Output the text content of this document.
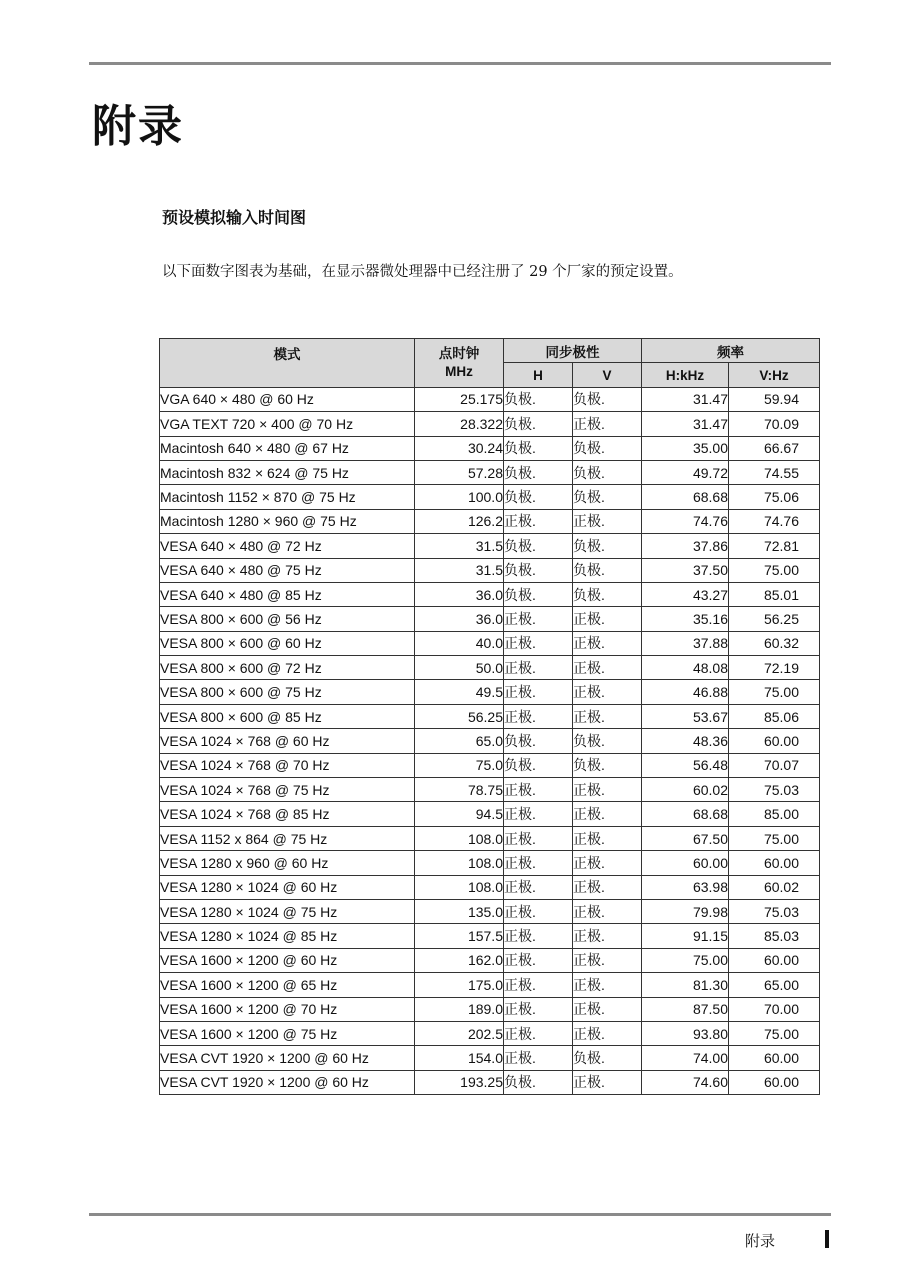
附录
预设模拟输入时间图
以下面数字图表为基础，在显示器微处理器中已经注册了 29 个厂家的预定设置。
模式	点时钟
MHz	同步极性		频率	
		H	V	H:kHz	V:Hz
VGA 640 × 480 @ 60 Hz	25.175	负极.	负极.	31.47	59.94
VGA TEXT 720 × 400 @ 70 Hz	28.322	负极.	正极.	31.47	70.09
Macintosh 640 × 480 @ 67 Hz	30.24	负极.	负极.	35.00	66.67
Macintosh 832 × 624 @ 75 Hz	57.28	负极.	负极.	49.72	74.55
Macintosh 1152 × 870 @ 75 Hz	100.0	负极.	负极.	68.68	75.06
Macintosh 1280 × 960 @ 75 Hz	126.2	正极.	正极.	74.76	74.76
VESA 640 × 480 @ 72 Hz	31.5	负极.	负极.	37.86	72.81
VESA 640 × 480 @ 75 Hz	31.5	负极.	负极.	37.50	75.00
VESA 640 × 480 @ 85 Hz	36.0	负极.	负极.	43.27	85.01
VESA 800 × 600 @ 56 Hz	36.0	正极.	正极.	35.16	56.25
VESA 800 × 600 @ 60 Hz	40.0	正极.	正极.	37.88	60.32
VESA 800 × 600 @ 72 Hz	50.0	正极.	正极.	48.08	72.19
VESA 800 × 600 @ 75 Hz	49.5	正极.	正极.	46.88	75.00
VESA 800 × 600 @ 85 Hz	56.25	正极.	正极.	53.67	85.06
VESA 1024 × 768 @ 60 Hz	65.0	负极.	负极.	48.36	60.00
VESA 1024 × 768 @ 70 Hz	75.0	负极.	负极.	56.48	70.07
VESA 1024 × 768 @ 75 Hz	78.75	正极.	正极.	60.02	75.03
VESA 1024 × 768 @ 85 Hz	94.5	正极.	正极.	68.68	85.00
VESA 1152 x 864 @ 75 Hz	108.0	正极.	正极.	67.50	75.00
VESA 1280 x 960 @ 60 Hz	108.0	正极.	正极.	60.00	60.00
VESA 1280 × 1024 @ 60 Hz	108.0	正极.	正极.	63.98	60.02
VESA 1280 × 1024 @ 75 Hz	135.0	正极.	正极.	79.98	75.03
VESA 1280 × 1024 @ 85 Hz	157.5	正极.	正极.	91.15	85.03
VESA 1600 × 1200 @ 60 Hz	162.0	正极.	正极.	75.00	60.00
VESA 1600 × 1200 @ 65 Hz	175.0	正极.	正极.	81.30	65.00
VESA 1600 × 1200 @ 70 Hz	189.0	正极.	正极.	87.50	70.00
VESA 1600 × 1200 @ 75 Hz	202.5	正极.	正极.	93.80	75.00
VESA CVT 1920 × 1200 @ 60 Hz	154.0	正极.	负极.	74.00	60.00
VESA CVT 1920 × 1200 @ 60 Hz	193.25	负极.	正极.	74.60	60.00
附录
